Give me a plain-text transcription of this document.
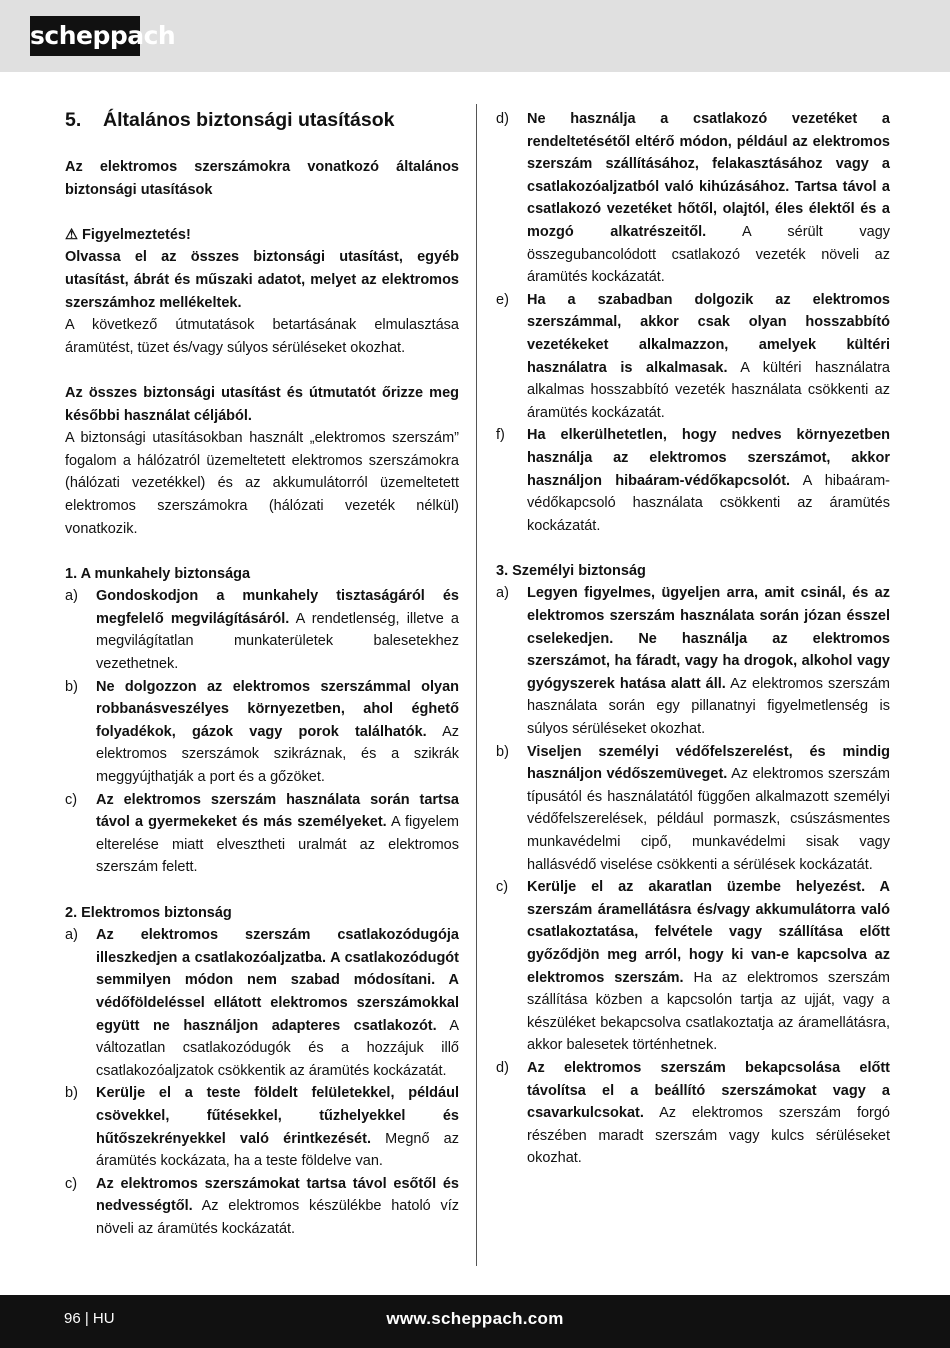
scheppach
5. Általános biztonsági utasítások

Az elektromos szerszámokra vonatkozó általános biztonsági utasítások

⚠ Figyelmeztetés!

Olvassa el az összes biztonsági utasítást, egyéb utasítást, ábrát és műszaki adatot, melyet az elektromos szerszámhoz mellékeltek.

A következő útmutatások betartásának elmulasztása áramütést, tüzet és/vagy súlyos sérüléseket okozhat.

Az összes biztonsági utasítást és útmutatót őrizze meg későbbi használat céljából.

A biztonsági utasításokban használt „elektromos szerszám” fogalom a hálózatról üzemeltetett elektromos szerszámokra (hálózati vezetékkel) és az akkumulátorról üzemeltetett elektromos szerszámokra (hálózati vezeték nélkül) vonatkozik.

1. A munkahely biztonsága

a)	Gondoskodjon a munkahely tisztaságáról és megfelelő megvilágításáról. A rendetlenség, illetve a megvilágítatlan munkaterületek balesetekhez vezethetnek.
b)	Ne dolgozzon az elektromos szerszámmal olyan robbanásveszélyes környezetben, ahol éghető folyadékok, gázok vagy porok találhatók. Az elektromos szerszámok szikráznak, és a szikrák meggyújthatják a port és a gőzöket.
c)	Az elektromos szerszám használata során tartsa távol a gyermekeket és más személyeket. A figyelem elterelése miatt elvesztheti uralmát az elektromos szerszám felett.

2. Elektromos biztonság

a)	Az elektromos szerszám csatlakozódugója illeszkedjen a csatlakozóaljzatba. A csatlakozódugót semmilyen módon nem szabad módosítani. A védőföldeléssel ellátott elektromos szerszámokkal együtt ne használjon adapteres csatlakozót. A változatlan csatlakozódugók és a hozzájuk illő csatlakozóaljzatok csökkentik az áramütés kockázatát.
b)	Kerülje el a teste földelt felületekkel, például csövekkel, fűtésekkel, tűzhelyekkel és hűtőszekrényekkel való érintkezését. Megnő az áramütés kockázata, ha a teste földelve van.
c)	Az elektromos szerszámokat tartsa távol esőtől és nedvességtől. Az elektromos készülékbe hatoló víz növeli az áramütés kockázatát.
d)	Ne használja a csatlakozó vezetéket a rendeltetésétől eltérő módon, például az elektromos szerszám szállításához, felakasztásához vagy a csatlakozóaljzatból való kihúzásához. Tartsa távol a csatlakozó vezetéket hőtől, olajtól, éles élektől és a mozgó alkatrészeitől. A sérült vagy összegubancolódott csatlakozó vezeték növeli az áramütés kockázatát.
e)	Ha a szabadban dolgozik az elektromos szerszámmal, akkor csak olyan hosszabbító vezetékeket alkalmazzon, amelyek kültéri használatra is alkalmasak. A kültéri használatra alkalmas hosszabbító vezeték használata csökkenti az áramütés kockázatát.
f)	Ha elkerülhetetlen, hogy nedves környezetben használja az elektromos szerszámot, akkor használjon hibaáram-védőkapcsolót. A hibaáram-védőkapcsoló használata csökkenti az áramütés kockázatát.

3. Személyi biztonság

a)	Legyen figyelmes, ügyeljen arra, amit csinál, és az elektromos szerszám használata során józan ésszel cselekedjen. Ne használja az elektromos szerszámot, ha fáradt, vagy ha drogok, alkohol vagy gyógyszerek hatása alatt áll. Az elektromos szerszám használata során egy pillanatnyi figyelmetlenség is súlyos sérüléseket okozhat.
b)	Viseljen személyi védőfelszerelést, és mindig használjon védőszemüveget. Az elektromos szerszám típusától és használatától függően alkalmazott személyi védőfelszerelések, például pormaszk, csúszásmentes munkavédelmi cipő, munkavédelmi sisak vagy hallásvédő viselése csökkenti a sérülések kockázatát.
c)	Kerülje el az akaratlan üzembe helyezést. A szerszám áramellátásra és/vagy akkumulátorra való csatlakoztatása, felvétele vagy szállítása előtt győződjön meg arról, hogy ki van-e kapcsolva az elektromos szerszám. Ha az elektromos szerszám szállítása közben a kapcsolón tartja az ujját, vagy a készüléket bekapcsolva csatlakoztatja az áramellátásra, akkor balesetek történhetnek.
d)	Az elektromos szerszám bekapcsolása előtt távolítsa el a beállító szerszámokat vagy a csavarkulcsokat. Az elektromos szerszám forgó részében maradt szerszám vagy kulcs sérüléseket okozhat.
96 | HU	www.scheppach.com
